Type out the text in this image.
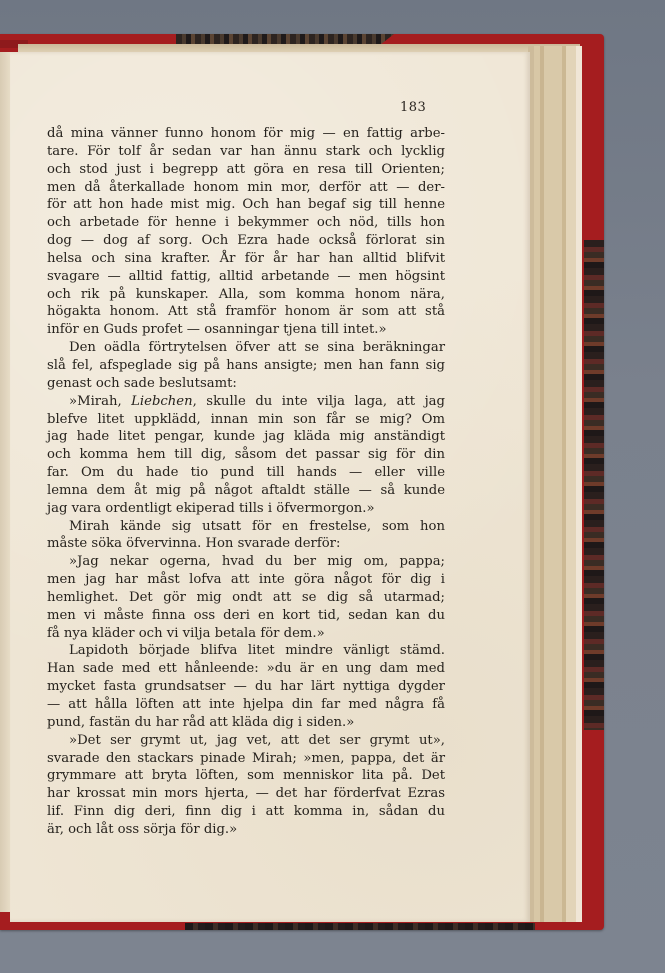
183
då mina vänner funno honom för mig — en fattig arbe-
tare. För tolf år sedan var han ännu stark och lycklig
och stod just i begrepp att göra en resa till Orienten;
men då återkallade honom min mor, derför att — der-
för att hon hade mist mig. Och han begaf sig till henne
och arbetade för henne i bekymmer och nöd, tills hon
dog — dog af sorg. Och Ezra hade också förlorat sin
helsa och sina krafter. År för år har han alltid blifvit
svagare — alltid fattig, alltid arbetande — men högsint
och rik på kunskaper. Alla, som komma honom nära,
högakta honom. Att stå framför honom är som att stå
inför en Guds profet — osanningar tjena till intet.»
Den oädla förtrytelsen öfver att se sina beräkningar
slå fel, afspeglade sig på hans ansigte; men han fann sig
genast och sade beslutsamt:
»Mirah, Liebchen, skulle du inte vilja laga, att jag
blefve litet uppklädd, innan min son får se mig? Om
jag hade litet pengar, kunde jag kläda mig anständigt
och komma hem till dig, såsom det passar sig för din
far. Om du hade tio pund till hands — eller ville
lemna dem åt mig på något aftaldt ställe — så kunde
jag vara ordentligt ekiperad tills i öfvermorgon.»
Mirah kände sig utsatt för en frestelse, som hon
måste söka öfvervinna. Hon svarade derför:
»Jag nekar ogerna, hvad du ber mig om, pappa;
men jag har måst lofva att inte göra något för dig i
hemlighet. Det gör mig ondt att se dig så utarmad;
men vi måste finna oss deri en kort tid, sedan kan du
få nya kläder och vi vilja betala för dem.»
Lapidoth började blifva litet mindre vänligt stämd.
Han sade med ett hånleende: »du är en ung dam med
mycket fasta grundsatser — du har lärt nyttiga dygder
— att hålla löften att inte hjelpa din far med några få
pund, fastän du har råd att kläda dig i siden.»
»Det ser grymt ut, jag vet, att det ser grymt ut»,
svarade den stackars pinade Mirah; »men, pappa, det är
grymmare att bryta löften, som menniskor lita på. Det
har krossat min mors hjerta, — det har förderfvat Ezras
lif. Finn dig deri, finn dig i att komma in, sådan du
är, och låt oss sörja för dig.»
